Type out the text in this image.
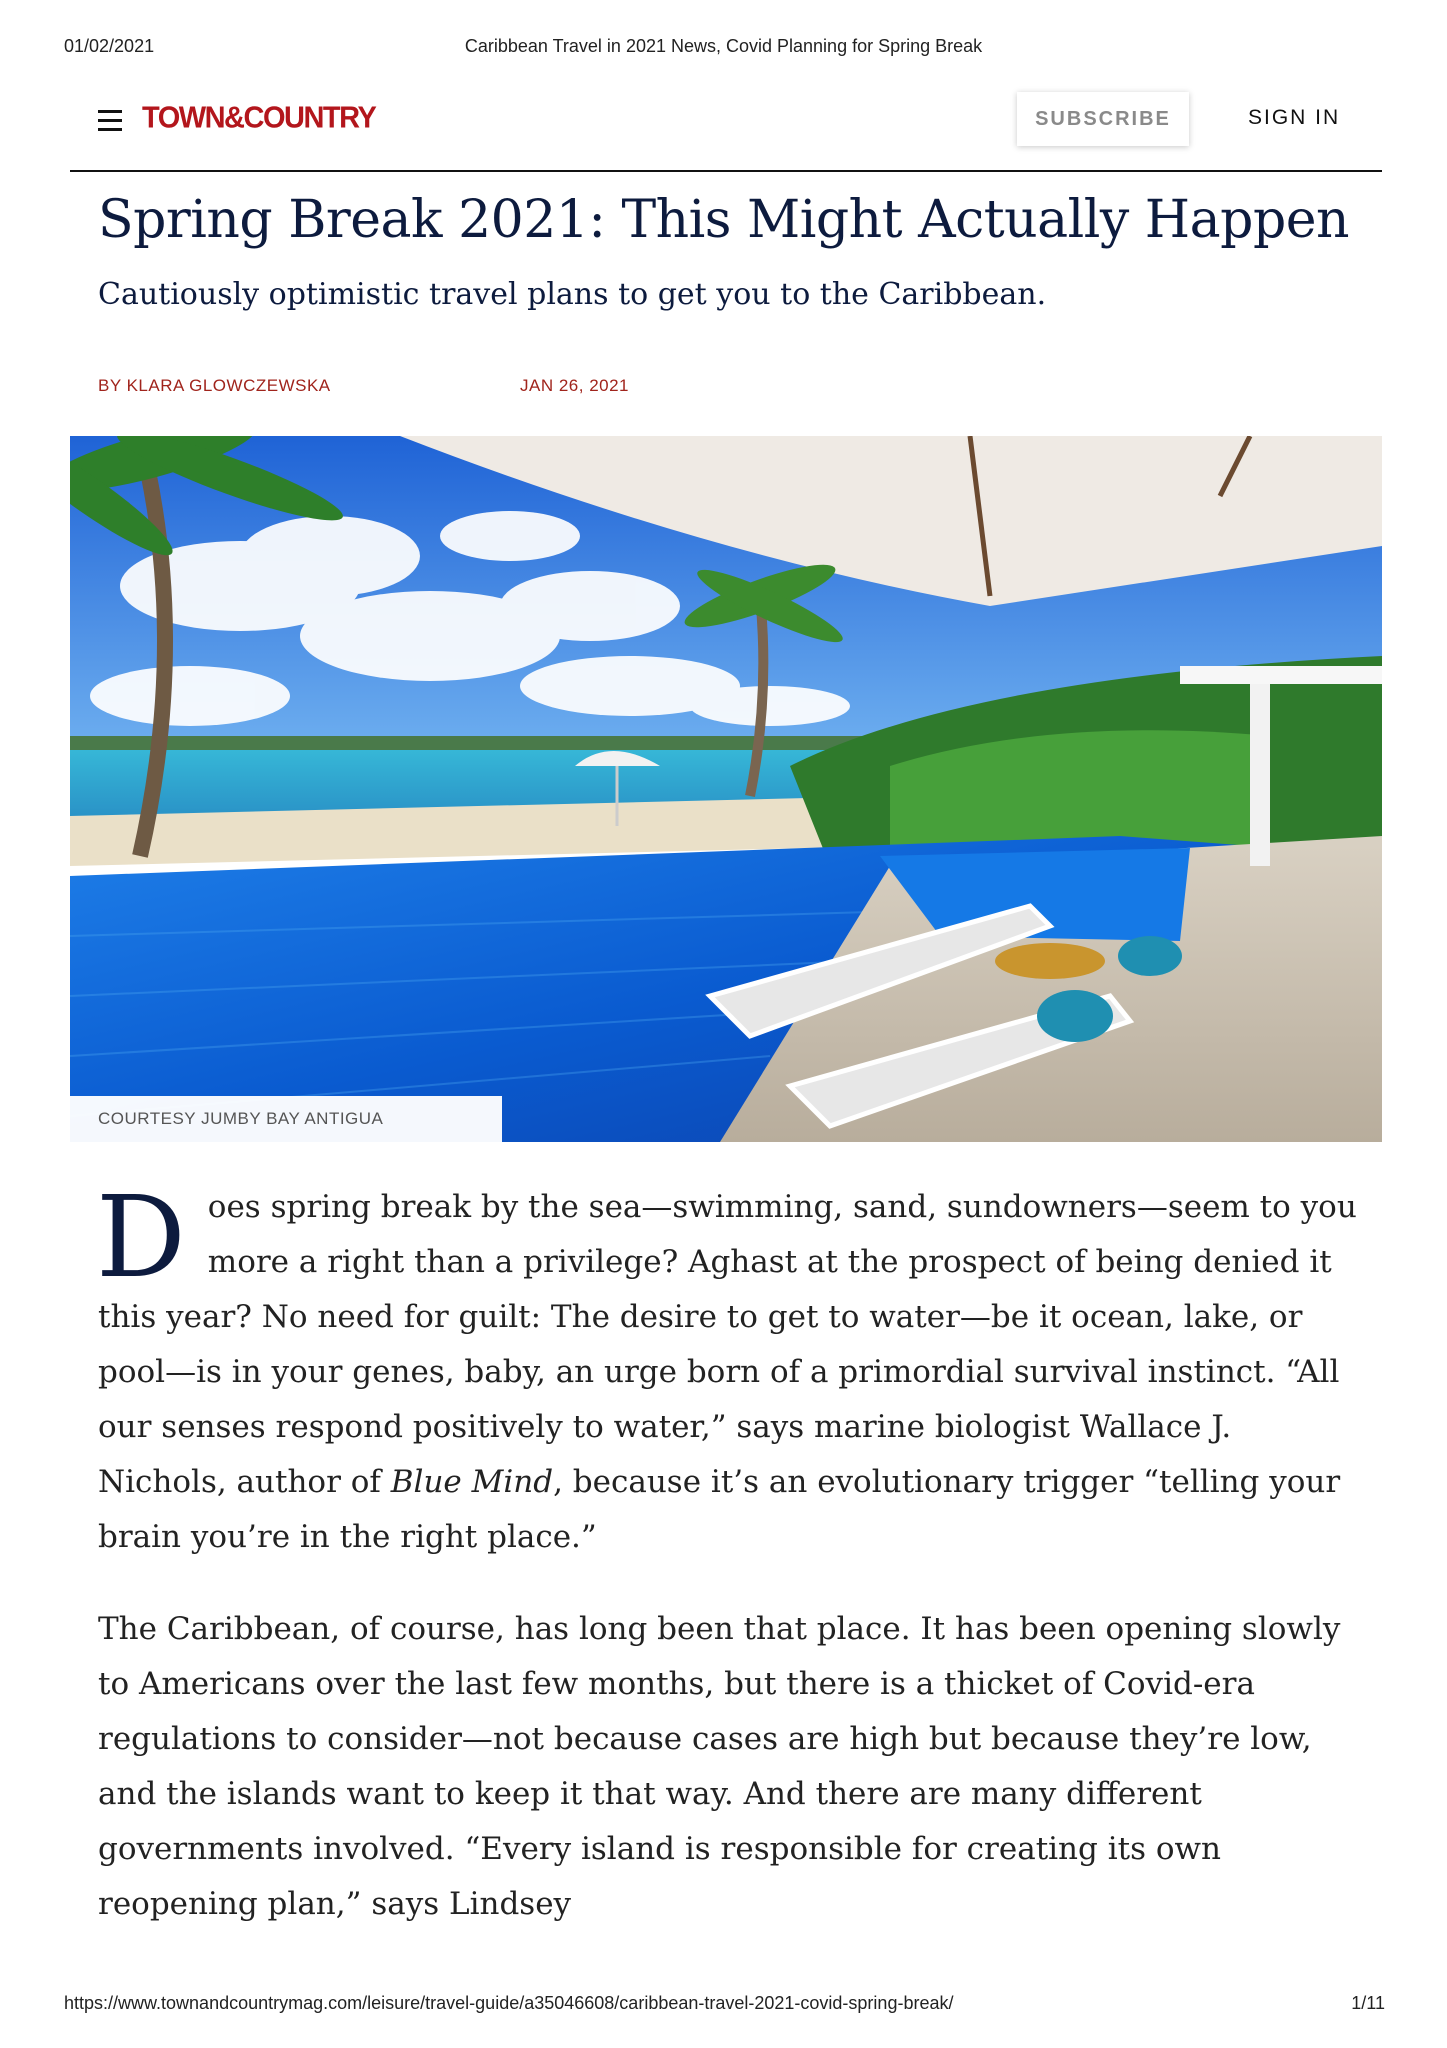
01/02/2021	Caribbean Travel in 2021 News, Covid Planning for Spring Break
TOWN&COUNTRY	SUBSCRIBE	SIGN IN
Spring Break 2021: This Might Actually Happen
Cautiously optimistic travel plans to get you to the Caribbean.
BY KLARA GLOWCZEWSKA	JAN 26, 2021
COURTESY JUMBY BAY ANTIGUA

Does spring break by the sea—swimming, sand, sundowners—seem to you more a right than a privilege? Aghast at the prospect of being denied it this year? No need for guilt: The desire to get to water—be it ocean, lake, or pool—is in your genes, baby, an urge born of a primordial survival instinct. “All our senses respond positively to water,” says marine biologist Wallace J. Nichols, author of Blue Mind, because it’s an evolutionary trigger “telling your brain you’re in the right place.”

The Caribbean, of course, has long been that place. It has been opening slowly to Americans over the last few months, but there is a thicket of Covid-era regulations to consider—not because cases are high but because they’re low, and the islands want to keep it that way. And there are many different governments involved. “Every island is responsible for creating its own reopening plan,” says Lindsey

https://www.townandcountrymag.com/leisure/travel-guide/a35046608/caribbean-travel-2021-covid-spring-break/	1/11
